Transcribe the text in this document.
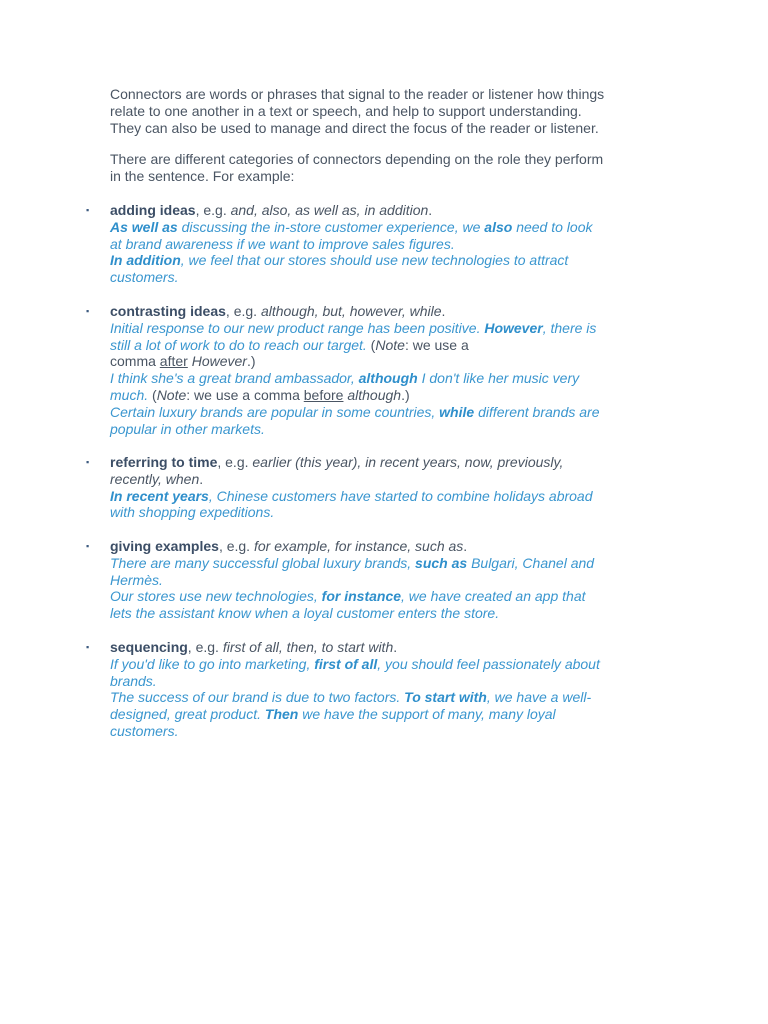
Connectors are words or phrases that signal to the reader or listener how things
relate to one another in a text or speech, and help to support understanding.
They can also be used to manage and direct the focus of the reader or listener.

There are different categories of connectors depending on the role they perform
in the sentence. For example:

▪ adding ideas, e.g. and, also, as well as, in addition.
As well as discussing the in-store customer experience, we also need to look
at brand awareness if we want to improve sales figures.
In addition, we feel that our stores should use new technologies to attract
customers.
▪ contrasting ideas, e.g. although, but, however, while.
Initial response to our new product range has been positive. However, there is
still a lot of work to do to reach our target. (Note: we use a
comma after However.)
I think she's a great brand ambassador, although I don't like her music very
much. (Note: we use a comma before although.)
Certain luxury brands are popular in some countries, while different brands are
popular in other markets.
▪ referring to time, e.g. earlier (this year), in recent years, now, previously,
recently, when.
In recent years, Chinese customers have started to combine holidays abroad
with shopping expeditions.
▪ giving examples, e.g. for example, for instance, such as.
There are many successful global luxury brands, such as Bulgari, Chanel and
Hermès.
Our stores use new technologies, for instance, we have created an app that
lets the assistant know when a loyal customer enters the store.
▪ sequencing, e.g. first of all, then, to start with.
If you'd like to go into marketing, first of all, you should feel passionately about
brands.
The success of our brand is due to two factors. To start with, we have a well-
designed, great product. Then we have the support of many, many loyal
customers.
